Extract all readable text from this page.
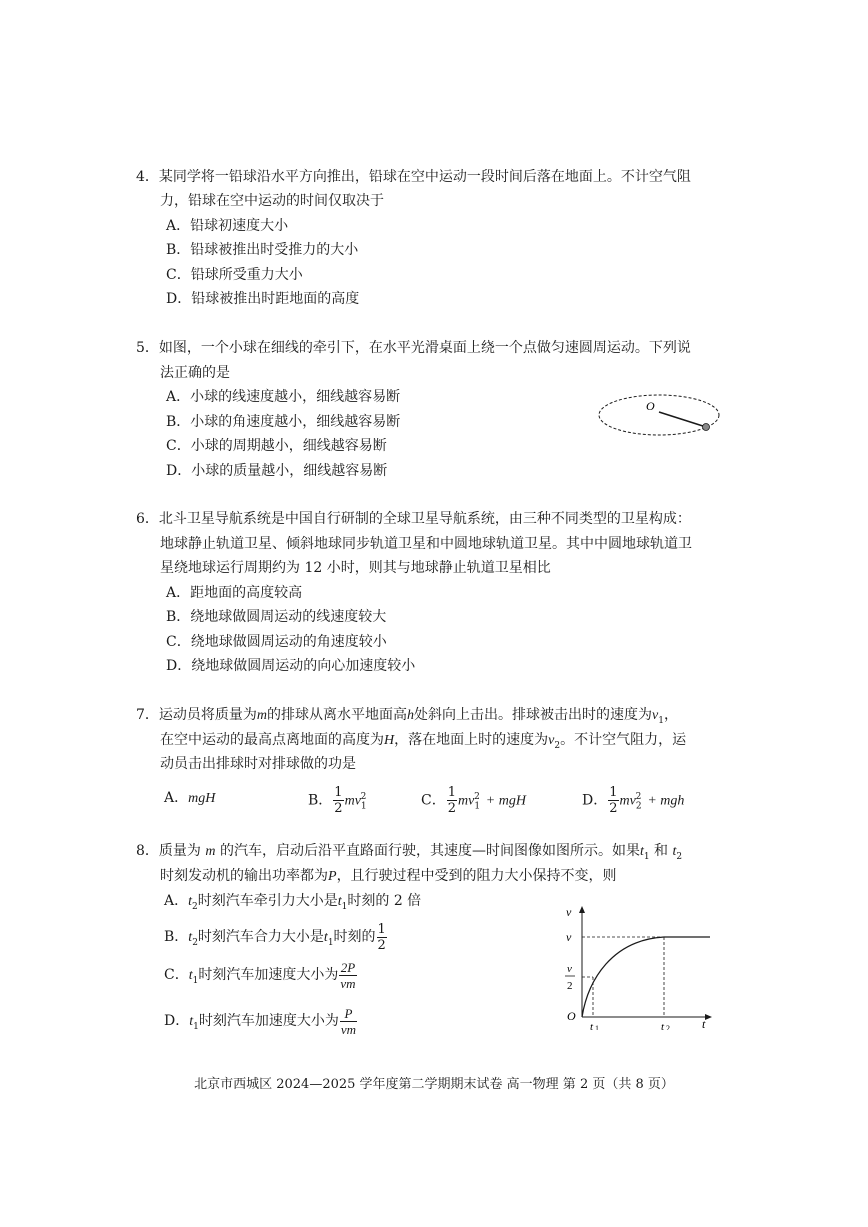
4．某同学将一铅球沿水平方向推出，铅球在空中运动一段时间后落在地面上。不计空气阻
力，铅球在空中运动的时间仅取决于
A．铅球初速度大小
B．铅球被推出时受推力的大小
C．铅球所受重力大小
D．铅球被推出时距地面的高度
5．如图，一个小球在细线的牵引下，在水平光滑桌面上绕一个点做匀速圆周运动。下列说
法正确的是
A．小球的线速度越小，细线越容易断
B．小球的角速度越小，细线越容易断
C．小球的周期越小，细线越容易断
D．小球的质量越小，细线越容易断
O
6．北斗卫星导航系统是中国自行研制的全球卫星导航系统，由三种不同类型的卫星构成：
地球静止轨道卫星、倾斜地球同步轨道卫星和中圆地球轨道卫星。其中中圆地球轨道卫
星绕地球运行周期约为 12 小时，则其与地球静止轨道卫星相比
A．距地面的高度较高
B．绕地球做圆周运动的线速度较大
C．绕地球做圆周运动的角速度较小
D．绕地球做圆周运动的向心加速度较小
7．运动员将质量为m的排球从离水平地面高h处斜向上击出。排球被击出时的速度为$v_1$，
在空中运动的最高点离地面的高度为H，落在地面上时的速度为$v_2$。不计空气阻力，运
动员击出排球时对排球做的功是
A．mgH	B． $\frac{1}{2} mv_1^2$	C． $\frac{1}{2} mv_1^2$ + mgH	D． $\frac{1}{2} mv_2^2$ + mgh
8．质量为 m 的汽车，启动后沿平直路面行驶，其速度—时间图像如图所示。如果$t_1$ 和 $t_2$
时刻发动机的输出功率都为P，且行驶过程中受到的阻力大小保持不变，则
A．$t_2$时刻汽车牵引力大小是$t_1$时刻的 2 倍
B．$t_2$时刻汽车合力大小是$t_1$时刻的 $\frac{1}{2}$
C．$t_1$时刻汽车加速度大小为 $\frac{2P}{vm}$
D．$t_1$时刻汽车加速度大小为 $\frac{P}{vm}$
v
v
v
2
O
t 1	t 2	t
北京市西城区 2024—2025 学年度第二学期期末试卷 高一物理 第 2 页（共 8 页）
